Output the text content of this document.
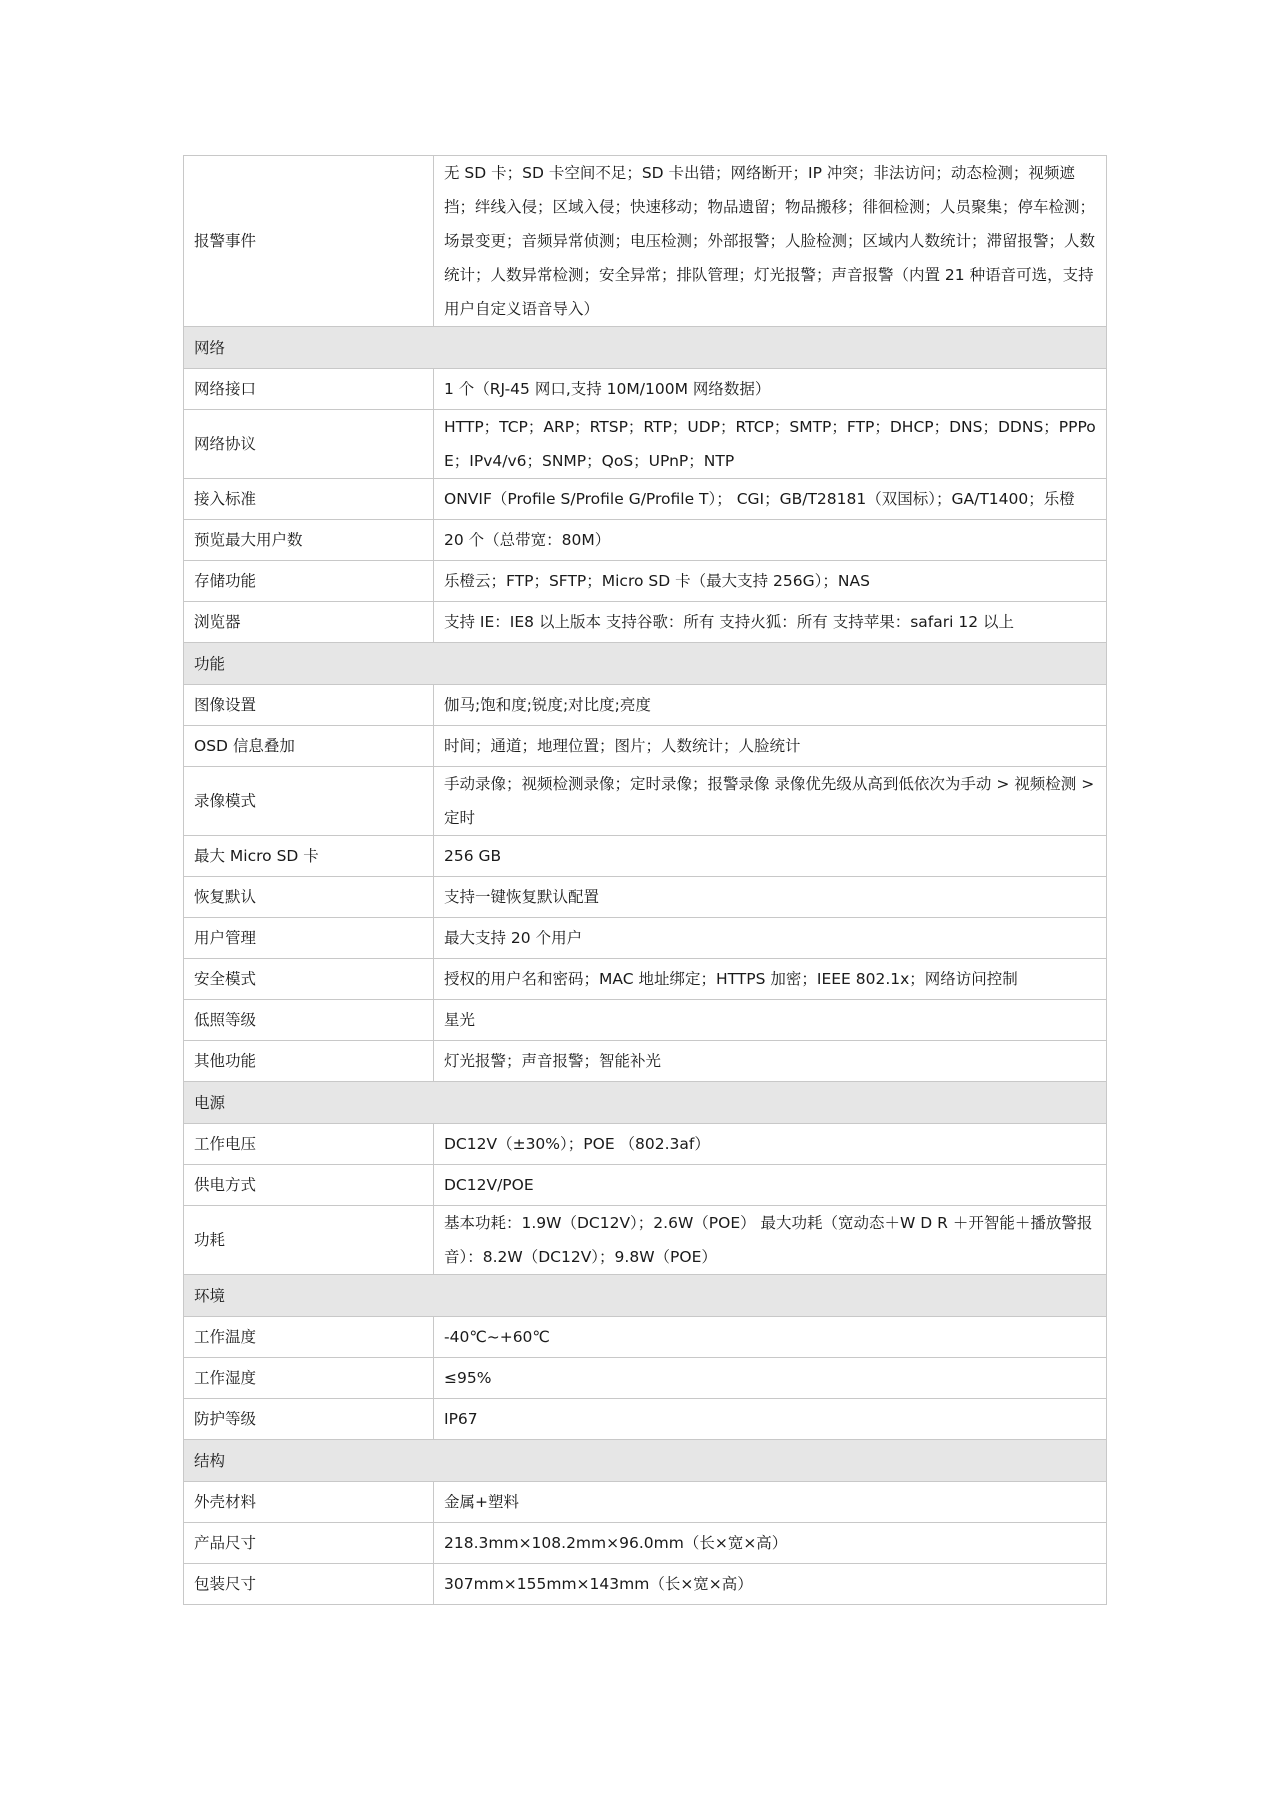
报警事件	无 SD 卡；SD 卡空间不足；SD 卡出错；网络断开；IP 冲突；非法访问；动态检测；视频遮挡；绊线入侵；区域入侵；快速移动；物品遗留；物品搬移；徘徊检测；人员聚集；停车检测；场景变更；音频异常侦测；电压检测；外部报警；人脸检测；区域内人数统计；滞留报警；人数统计；人数异常检测；安全异常；排队管理；灯光报警；声音报警（内置 21 种语音可选，支持用户自定义语音导入）
网络	
网络接口	1 个（RJ-45 网口,支持 10M/100M 网络数据）
网络协议	HTTP；TCP；ARP；RTSP；RTP；UDP；RTCP；SMTP；FTP；DHCP；DNS；DDNS；PPPoE；IPv4/v6；SNMP；QoS；UPnP；NTP
接入标准	ONVIF（Profile S/Profile G/Profile T）； CGI；GB/T28181（双国标）；GA/T1400；乐橙
预览最大用户数	20 个（总带宽：80M）
存储功能	乐橙云；FTP；SFTP；Micro SD 卡（最大支持 256G）；NAS
浏览器	支持 IE：IE8 以上版本 支持谷歌：所有 支持火狐：所有 支持苹果：safari 12 以上
功能	
图像设置	伽马;饱和度;锐度;对比度;亮度
OSD 信息叠加	时间；通道；地理位置；图片；人数统计；人脸统计
录像模式	手动录像；视频检测录像；定时录像；报警录像 录像优先级从高到低依次为手动 > 视频检测 > 定时
最大 Micro SD 卡	256 GB
恢复默认	支持一键恢复默认配置
用户管理	最大支持 20 个用户
安全模式	授权的用户名和密码；MAC 地址绑定；HTTPS 加密；IEEE 802.1x；网络访问控制
低照等级	星光
其他功能	灯光报警；声音报警；智能补光
电源	
工作电压	DC12V（±30%）；POE （802.3af）
供电方式	DC12V/POE
功耗	基本功耗：1.9W（DC12V）；2.6W（POE） 最大功耗（宽动态＋W D R ＋开智能＋播放警报音）：8.2W（DC12V）；9.8W（POE）
环境	
工作温度	-40℃~+60℃
工作湿度	≤95%
防护等级	IP67
结构	
外壳材料	金属+塑料
产品尺寸	218.3mm×108.2mm×96.0mm（长×宽×高）
包装尺寸	307mm×155mm×143mm（长×宽×高）
